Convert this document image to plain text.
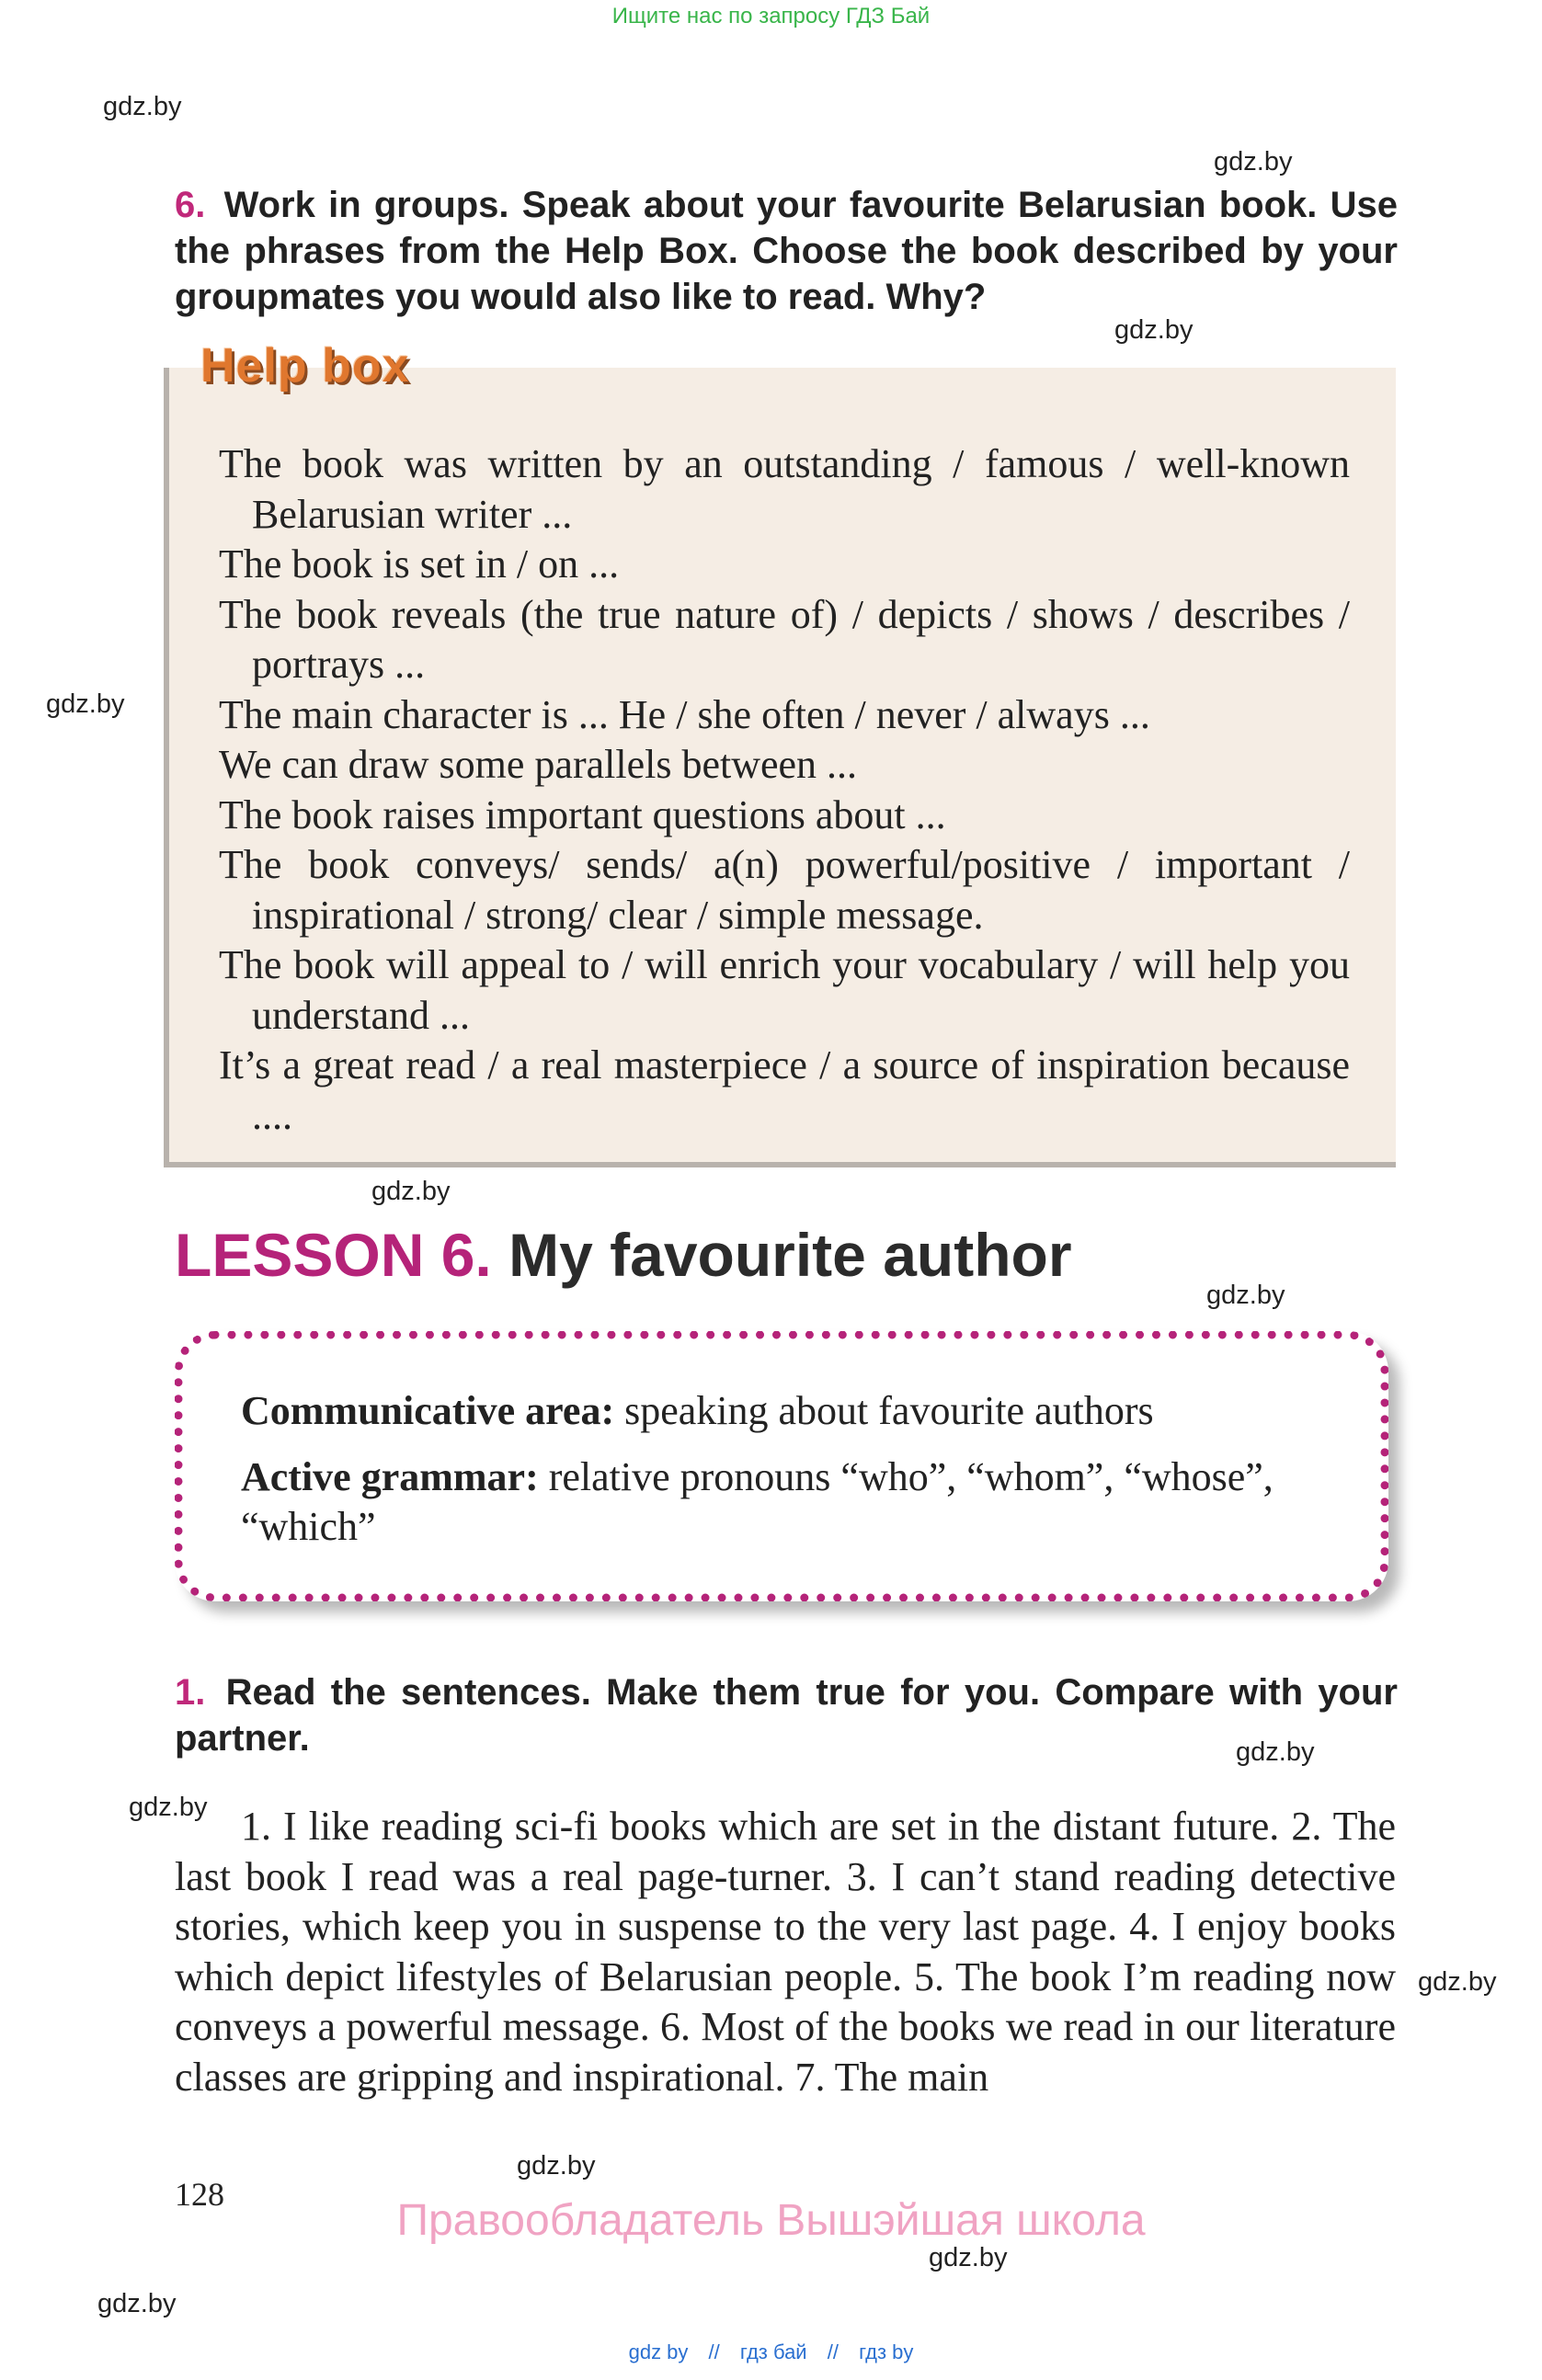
Ищите нас по запросу ГДЗ Бай
gdz.by
gdz.by
gdz.by
gdz.by
gdz.by
gdz.by
gdz.by
gdz.by
gdz.by
gdz.by
gdz.by
gdz.by
6. Work in groups. Speak about your favourite Belarusian book. Use the phrases from the Help Box. Choose the book described by your groupmates you would also like to read. Why?
Help box
The book was written by an outstanding / famous / well-known Belarusian writer ...
The book is set in / on ...
The book reveals (the true nature of) / depicts / shows / describes / portrays ...
The main character is ... He / she often / never / always ...
We can draw some parallels between ...
The book raises important questions about ...
The book conveys/ sends/ a(n) powerful/positive / important / inspirational / strong/ clear / simple message.
The book will appeal to / will enrich your vocabulary / will help you understand ...
It’s a great read / a real masterpiece / a source of inspiration because ....
LESSON 6. My favourite author
Communicative area: speaking about favourite authors
Active grammar: relative pronouns “who”, “whom”, “whose”, “which”
1. Read the sentences. Make them true for you. Compare with your partner.
1. I like reading sci-fi books which are set in the distant future. 2. The last book I read was a real page-turner. 3. I can’t stand reading detective stories, which keep you in suspense to the very last page. 4. I enjoy books which depict lifestyles of Belarusian people. 5. The book I’m reading now conveys a powerful message. 6. Most of the books we read in our literature classes are gripping and inspirational. 7. The main
128
Правообладатель Вышэйшая школа
gdz by // гдз бай // гдз by
